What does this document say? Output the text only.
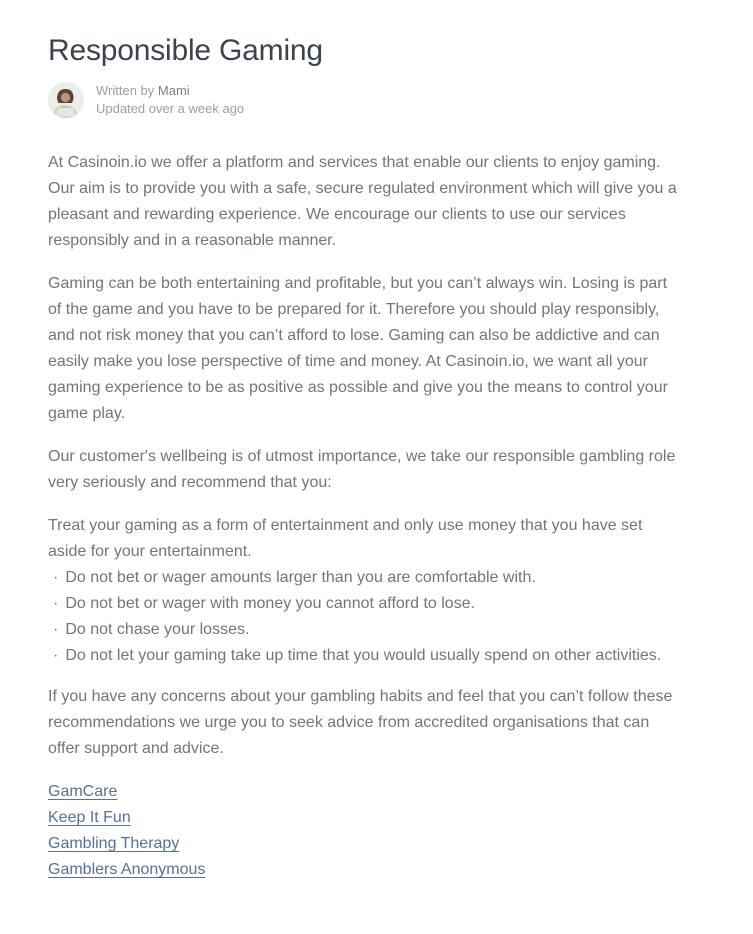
Responsible Gaming
Written by Mami
Updated over a week ago

At Casinoin.io we offer a platform and services that enable our clients to enjoy gaming. Our aim is to provide you with a safe, secure regulated environment which will give you a pleasant and rewarding experience. We encourage our clients to use our services responsibly and in a reasonable manner.

Gaming can be both entertaining and profitable, but you can’t always win. Losing is part of the game and you have to be prepared for it. Therefore you should play responsibly, and not risk money that you can’t afford to lose. Gaming can also be addictive and can easily make you lose perspective of time and money. At Casinoin.io, we want all your gaming experience to be as positive as possible and give you the means to control your game play.

Our customer's wellbeing is of utmost importance, we take our responsible gambling role very seriously and recommend that you:

Treat your gaming as a form of entertainment and only use money that you have set aside for your entertainment.

· Do not bet or wager amounts larger than you are comfortable with.
· Do not bet or wager with money you cannot afford to lose.
· Do not chase your losses.
· Do not let your gaming take up time that you would usually spend on other activities.

If you have any concerns about your gambling habits and feel that you can’t follow these recommendations we urge you to seek advice from accredited organisations that can offer support and advice.

GamCare
Keep It Fun
Gambling Therapy
Gamblers Anonymous
